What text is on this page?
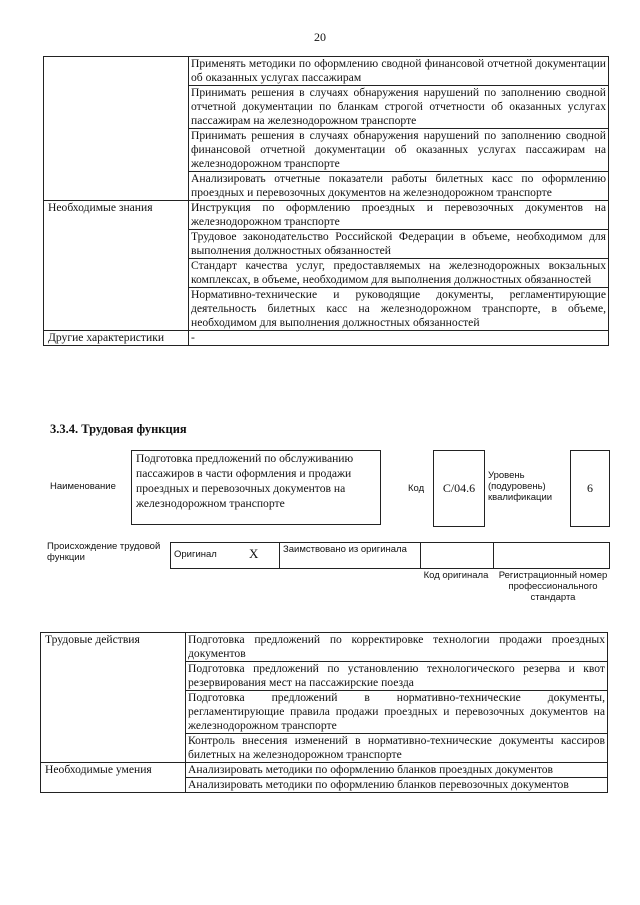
20
	Применять методики по оформлению сводной финансовой отчетной документации об оказанных услугах пассажирам
	Принимать решения в случаях обнаружения нарушений по заполнению сводной отчетной документации по бланкам строгой отчетности об оказанных услугах пассажирам на железнодорожном транспорте
	Принимать решения в случаях обнаружения нарушений по заполнению сводной финансовой отчетной документации об оказанных услугах пассажирам на железнодорожном транспорте
	Анализировать отчетные показатели работы билетных касс по оформлению проездных и перевозочных документов на железнодорожном транспорте
Необходимые знания	Инструкция по оформлению проездных и перевозочных документов на железнодорожном транспорте
	Трудовое законодательство Российской Федерации в объеме, необходимом для выполнения должностных обязанностей
	Стандарт качества услуг, предоставляемых на железнодорожных вокзальных комплексах, в объеме, необходимом для выполнения должностных обязанностей
	Нормативно-технические и руководящие документы, регламентирующие деятельность билетных касс на железнодорожном транспорте, в объеме, необходимом для выполнения должностных обязанностей
Другие характеристики	-
3.3.4. Трудовая функция
Наименование
Подготовка предложений по обслуживанию пассажиров в части оформления и продажи проездных и перевозочных документов на железнодорожном транспорте
Код	С/04.6
Уровень (подуровень) квалификации
6
Происхождение трудовой функции	Оригинал Х	Заимствовано из оригинала
Код оригинала	Регистрационный номер профессионального стандарта
Трудовые действия	Подготовка предложений по корректировке технологии продажи проездных документов
	Подготовка предложений по установлению технологического резерва и квот резервирования мест на пассажирские поезда
	Подготовка предложений в нормативно-технические документы, регламентирующие правила продажи проездных и перевозочных документов на железнодорожном транспорте
	Контроль внесения изменений в нормативно-технические документы кассиров билетных на железнодорожном транспорте
Необходимые умения	Анализировать методики по оформлению бланков проездных документов
	Анализировать методики по оформлению бланков перевозочных документов
